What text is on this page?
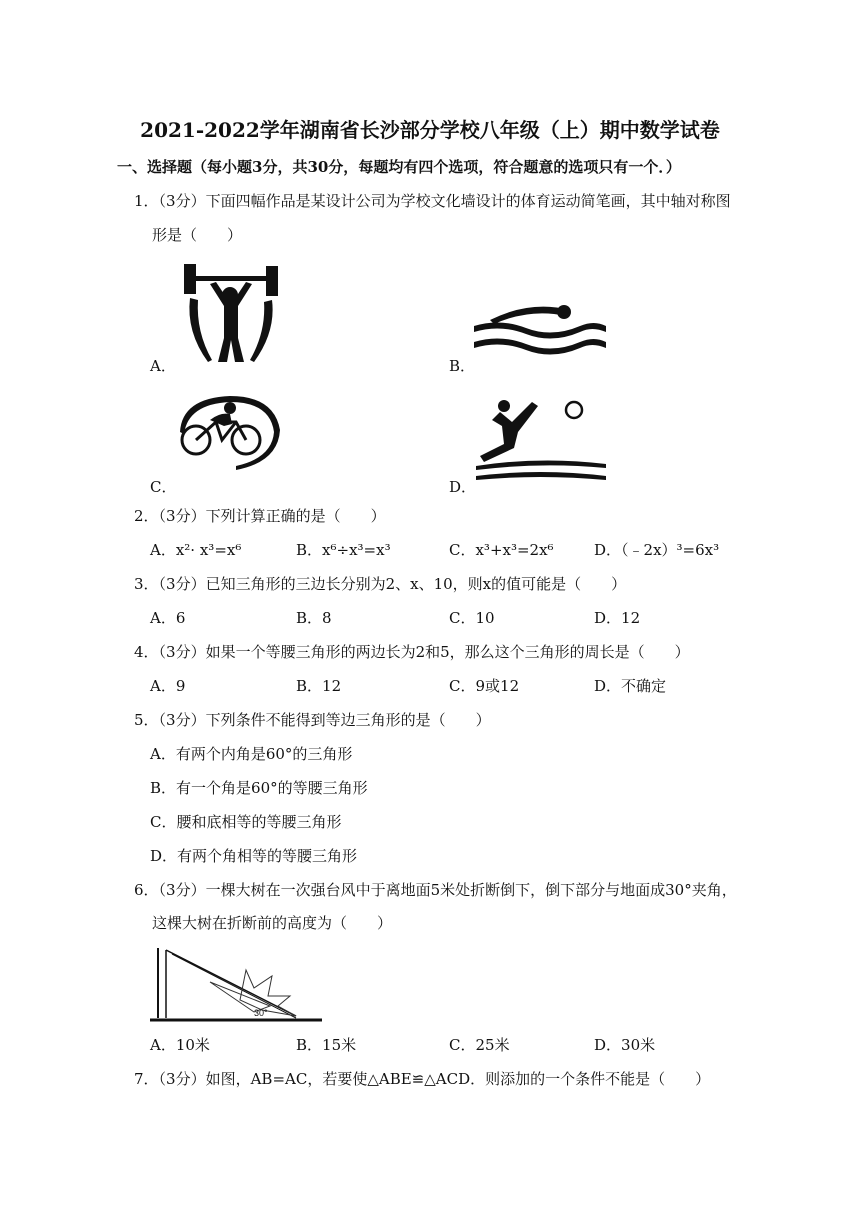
2021-2022学年湖南省长沙部分学校八年级（上）期中数学试卷
一、选择题（每小题3分，共30分，每题均有四个选项，符合题意的选项只有一个．）
1．（3分）下面四幅作品是某设计公司为学校文化墙设计的体育运动简笔画，其中轴对称图
形是（　　）
A．	B．
C．	D．
2．（3分）下列计算正确的是（　　）
A．x²· x³=x⁶	B．x⁶÷x³=x³	C．x³+x³=2x⁶	D．（﹣2x）³=6x³
3．（3分）已知三角形的三边长分别为2、x、10，则x的值可能是（　　）
A．6	B．8	C．10	D．12
4．（3分）如果一个等腰三角形的两边长为2和5，那么这个三角形的周长是（　　）
A．9	B．12	C．9或12	D．不确定
5．（3分）下列条件不能得到等边三角形的是（　　）
A．有两个内角是60°的三角形
B．有一个角是60°的等腰三角形
C．腰和底相等的等腰三角形
D．有两个角相等的等腰三角形
6．（3分）一棵大树在一次强台风中于离地面5米处折断倒下，倒下部分与地面成30°夹角，
这棵大树在折断前的高度为（　　）
30°
A．10米	B．15米	C．25米	D．30米
7．（3分）如图，AB=AC，若要使△ABE≌△ACD．则添加的一个条件不能是（　　）
